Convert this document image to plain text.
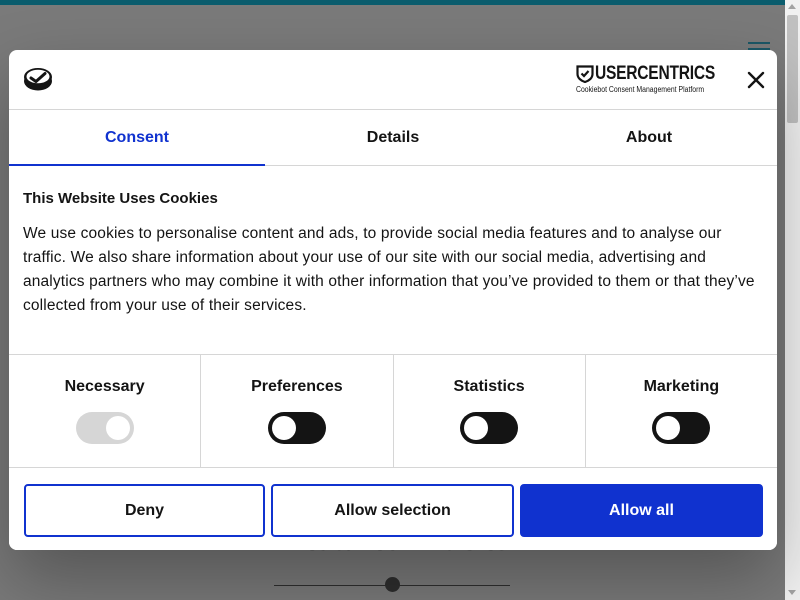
USERCENTRICS
Cookiebot Consent Management Platform
Consent	Details	About
This Website Uses Cookies

We use cookies to personalise content and ads, to provide social media features and to analyse our traffic. We also share information about your use of our site with our social media, advertising and analytics partners who may combine it with other information that you’ve provided to them or that they’ve collected from your use of their services.

Necessary	Preferences	Statistics	Marketing
Deny	Allow selection	Allow all
